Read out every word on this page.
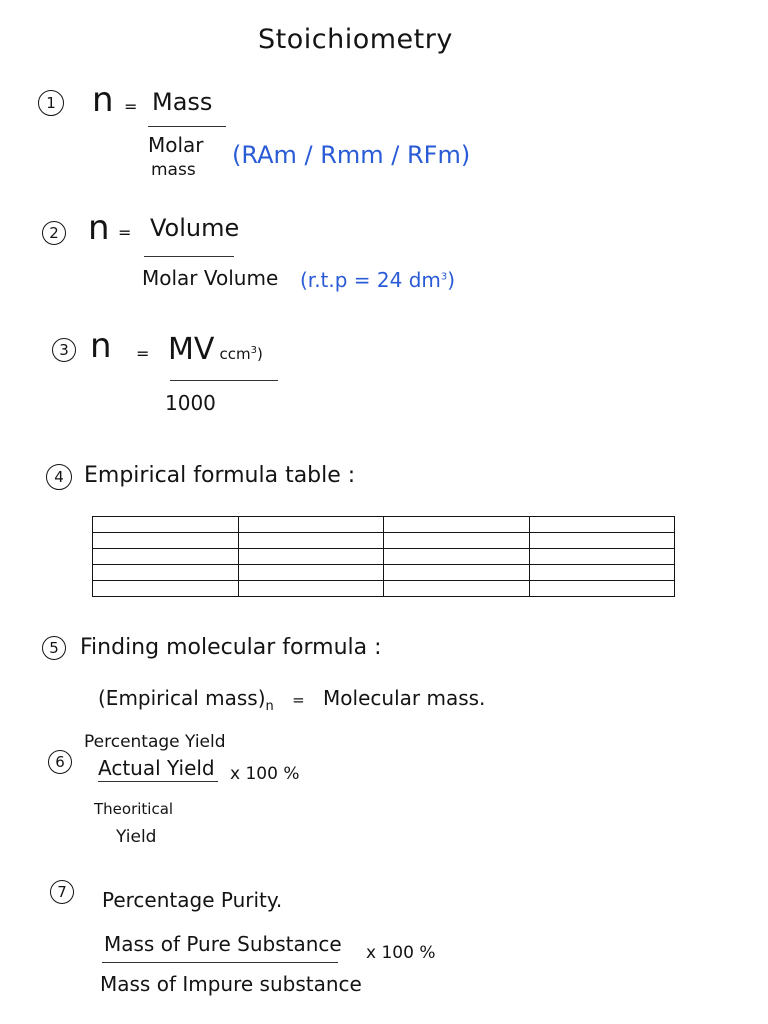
Stoichiometry
1 n = Mass
Molar
mass
(RAm / Rmm / RFm)
2 n = Volume
Molar Volume (r.t.p = 24 $dm^3$)
3 n = MV ccm$^3$)
1000
4 Empirical formula table :

5 Finding molecular formula :
(Empirical $mass)_n$ = Molecular mass.
Percentage Yield
6 Actual Yield x 100 %
Theoritical
Yield
7 Percentage Purity.
Mass of Pure Substance x 100 %
Mass of Impure substance
